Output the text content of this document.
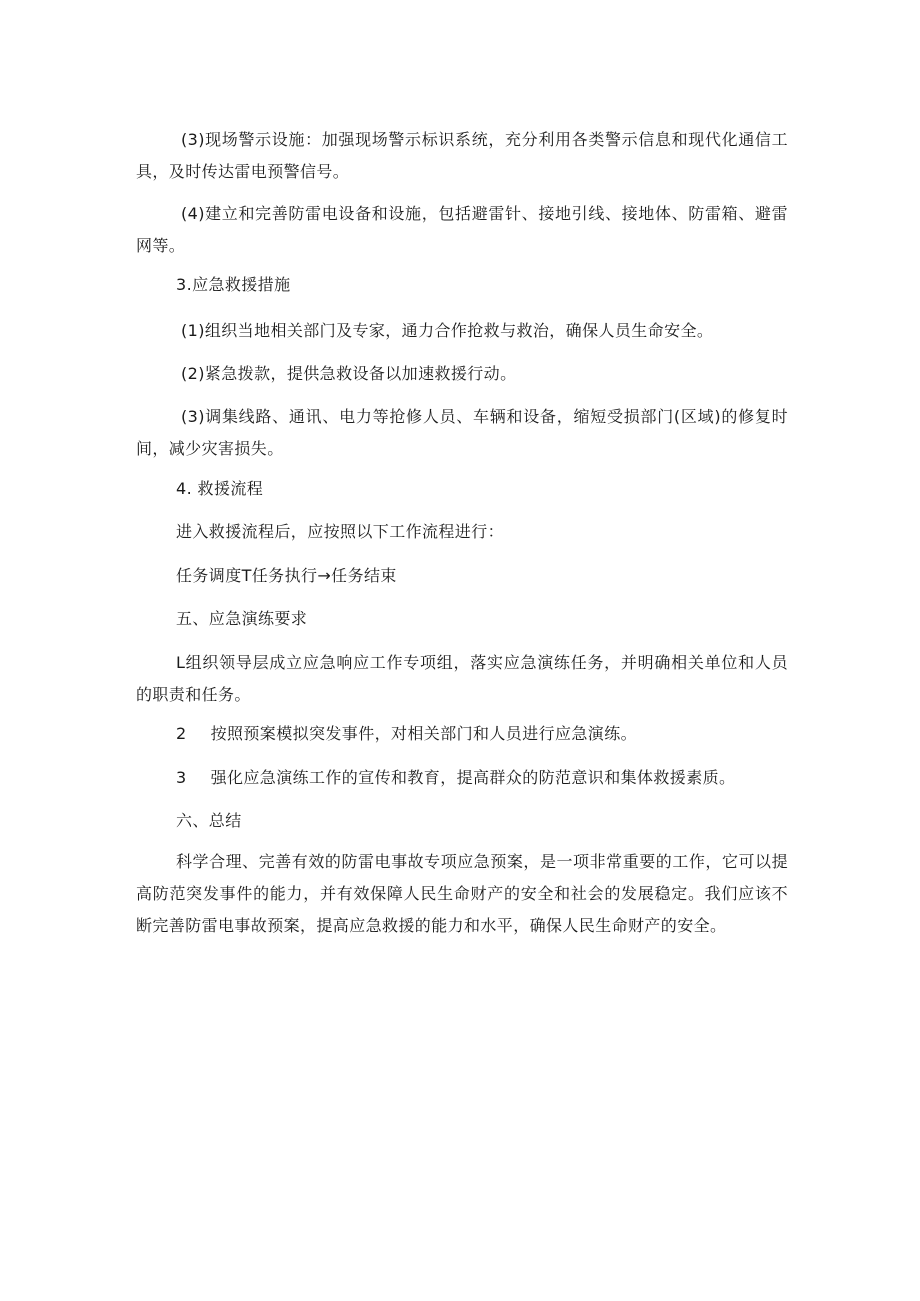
(3)现场警示设施：加强现场警示标识系统，充分利用各类警示信息和现代化通信工具，及时传达雷电预警信号。
(4)建立和完善防雷电设备和设施，包括避雷针、接地引线、接地体、防雷箱、避雷网等。
3.应急救援措施
(1)组织当地相关部门及专家，通力合作抢救与救治，确保人员生命安全。
(2)紧急拨款，提供急救设备以加速救援行动。
(3)调集线路、通讯、电力等抢修人员、车辆和设备，缩短受损部门(区域)的修复时间，减少灾害损失。
4. 救援流程
进入救援流程后，应按照以下工作流程进行：
任务调度T任务执行→任务结束
五、应急演练要求
L组织领导层成立应急响应工作专项组，落实应急演练任务，并明确相关单位和人员的职责和任务。
2 按照预案模拟突发事件，对相关部门和人员进行应急演练。
3 强化应急演练工作的宣传和教育，提高群众的防范意识和集体救援素质。
六、总结
科学合理、完善有效的防雷电事故专项应急预案，是一项非常重要的工作，它可以提高防范突发事件的能力，并有效保障人民生命财产的安全和社会的发展稳定。我们应该不断完善防雷电事故预案，提高应急救援的能力和水平，确保人民生命财产的安全。
